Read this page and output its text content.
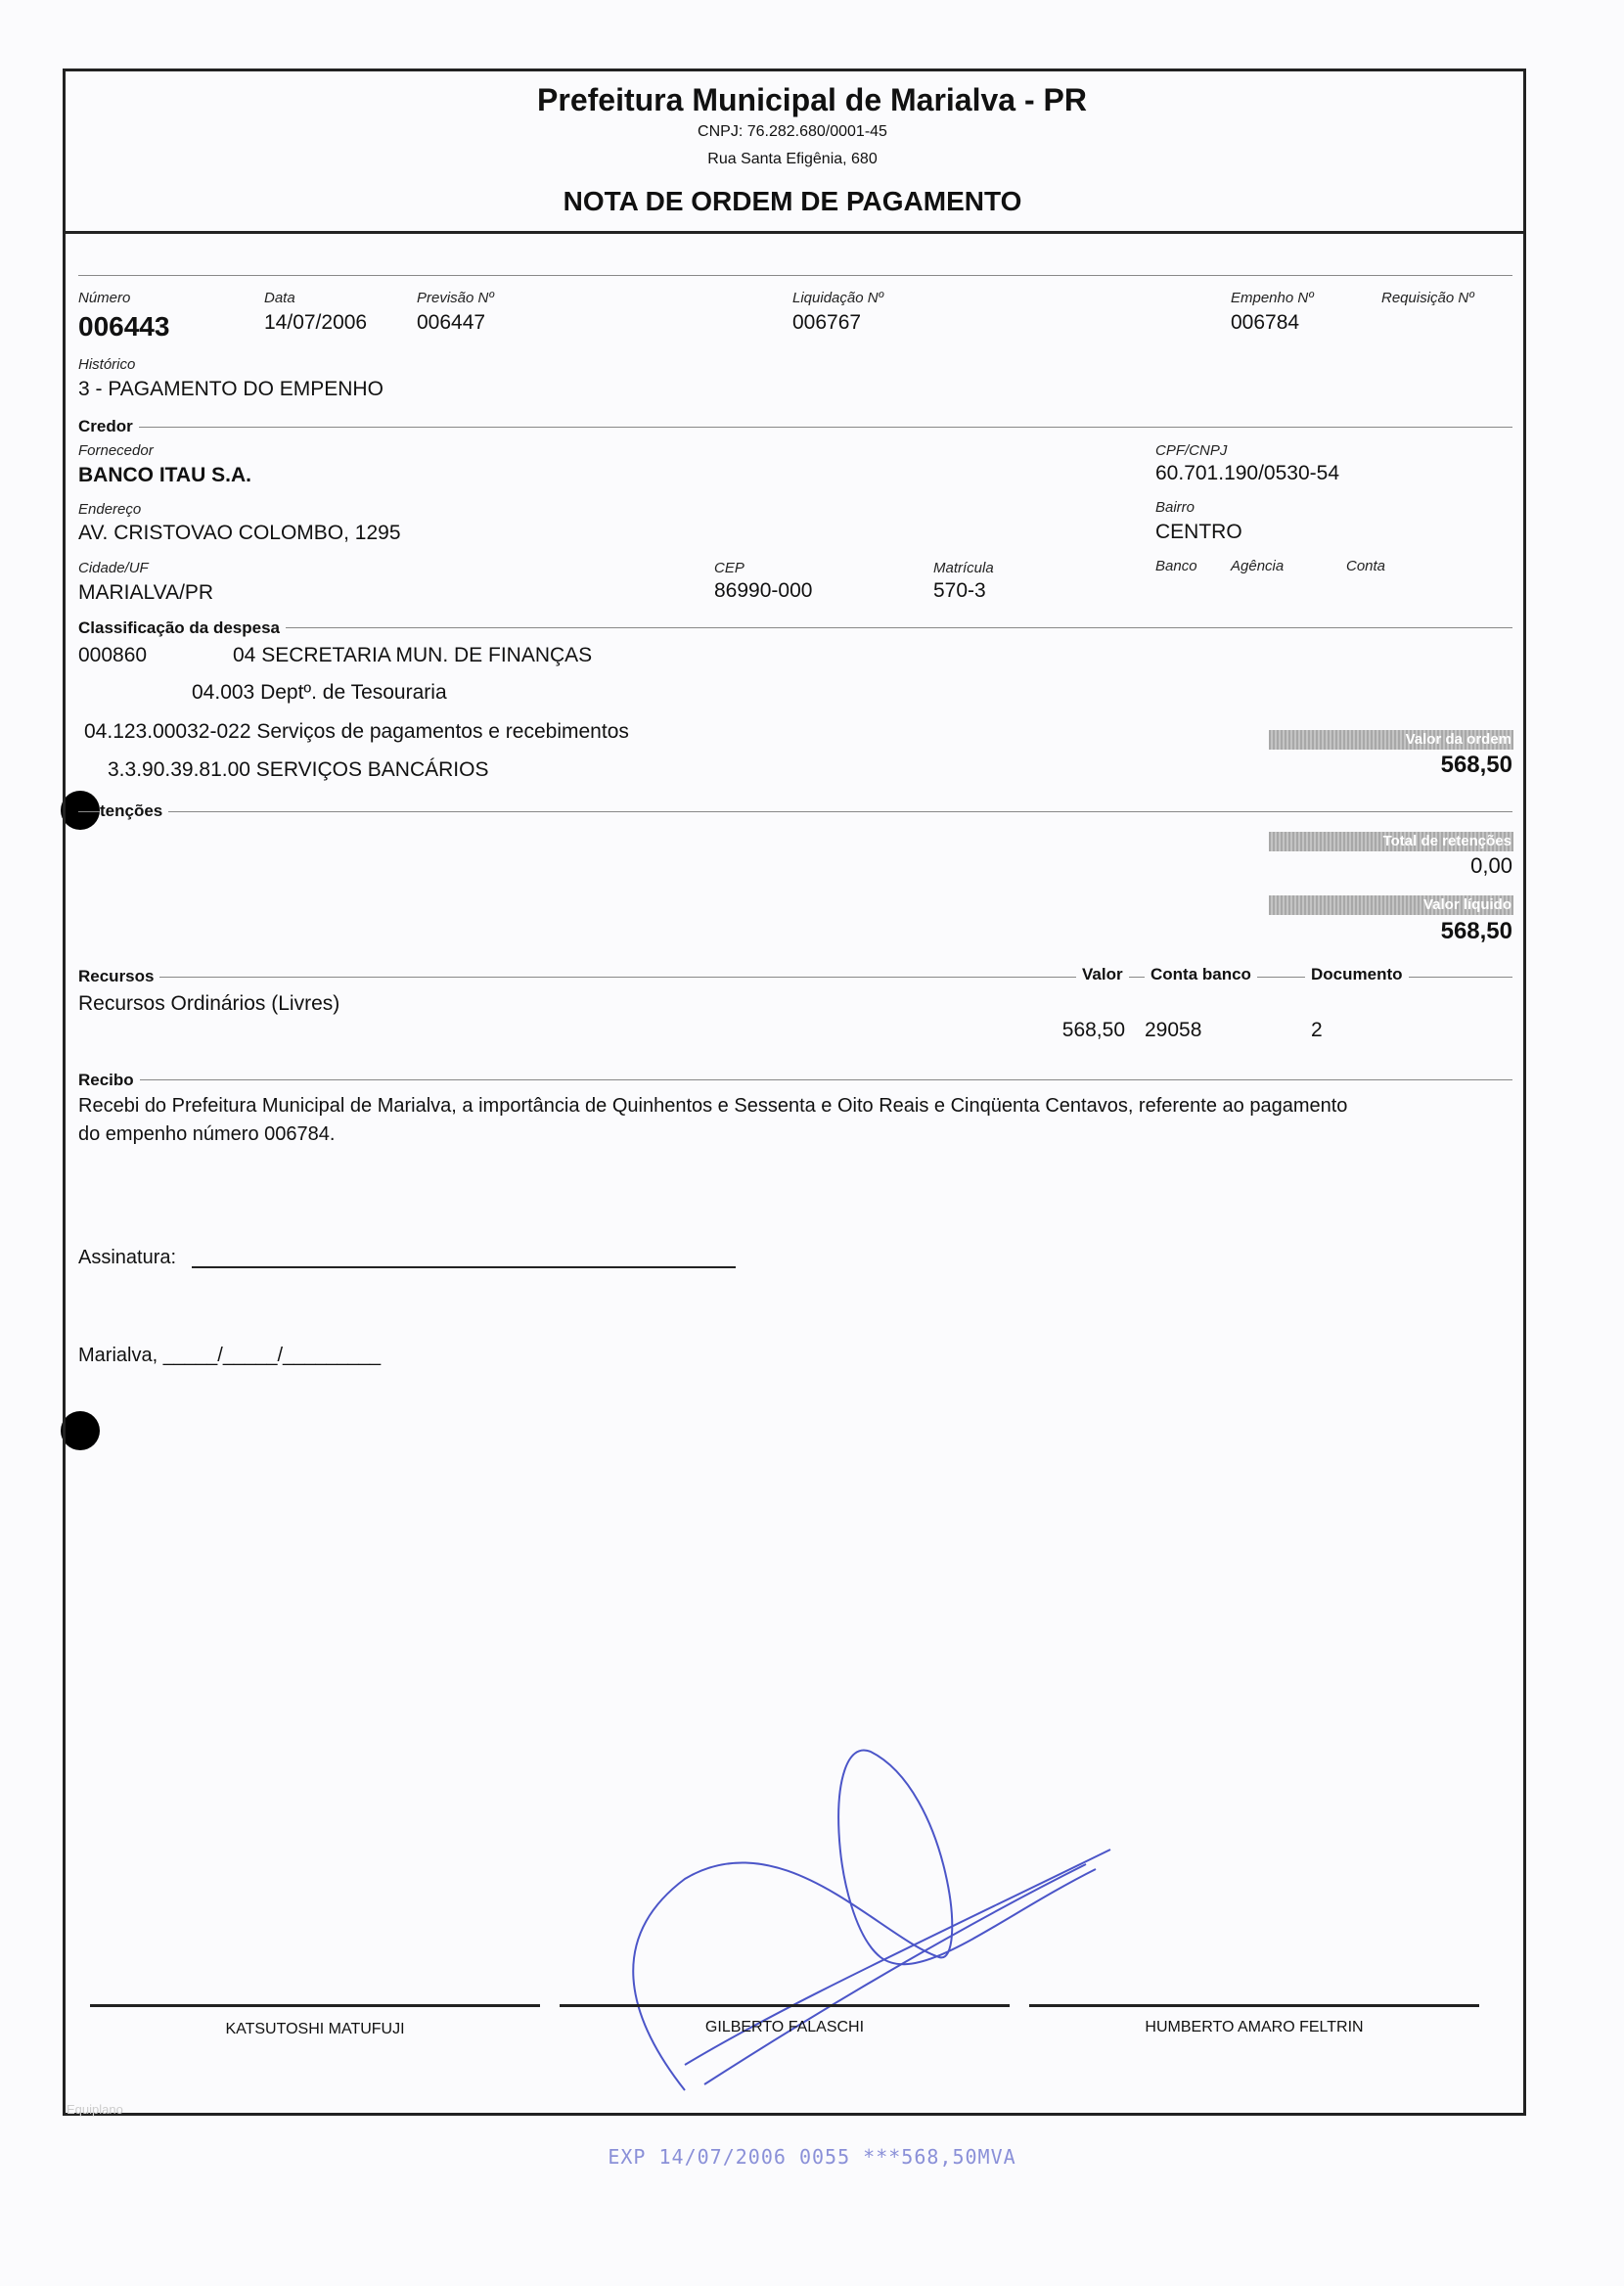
Prefeitura Municipal de Marialva - PR
CNPJ: 76.282.680/0001-45
Rua Santa Efigênia, 680
NOTA DE ORDEM DE PAGAMENTO
Número
006443
Data
14/07/2006
Previsão Nº
006447
Liquidação Nº
006767
Empenho Nº
006784
Requisição Nº
Histórico
3 - PAGAMENTO DO EMPENHO
Credor
Fornecedor
BANCO ITAU S.A.
CPF/CNPJ
60.701.190/0530-54
Endereço
AV. CRISTOVAO COLOMBO, 1295
Bairro
CENTRO
Cidade/UF
MARIALVA/PR
CEP
86990-000
Matrícula
570-3
Banco Agência	Conta
Classificação da despesa
000860	04 SECRETARIA MUN. DE FINANÇAS
04.003 Deptº. de Tesouraria
04.123.00032-022 Serviços de pagamentos e recebimentos
3.3.90.39.81.00 SERVIÇOS BANCÁRIOS
Valor da ordem
568,50
tenções
Total de retenções
0,00
Valor líquido
568,50
Recursos	Valor	Conta banco	Documento
Recursos Ordinários (Livres)
568,50 29058	2
Recibo
Recebi do Prefeitura Municipal de Marialva, a importância de Quinhentos e Sessenta e Oito Reais e Cinqüenta Centavos, referente ao pagamento
do empenho número 006784.
Assinatura:
Marialva, _____/_____/_________
KATSUTOSHI MATUFUJI	GILBERTO FALASCHI	HUMBERTO AMARO FELTRIN
Equiplano
EXP 14/07/2006 0055 ***568,50MVA
